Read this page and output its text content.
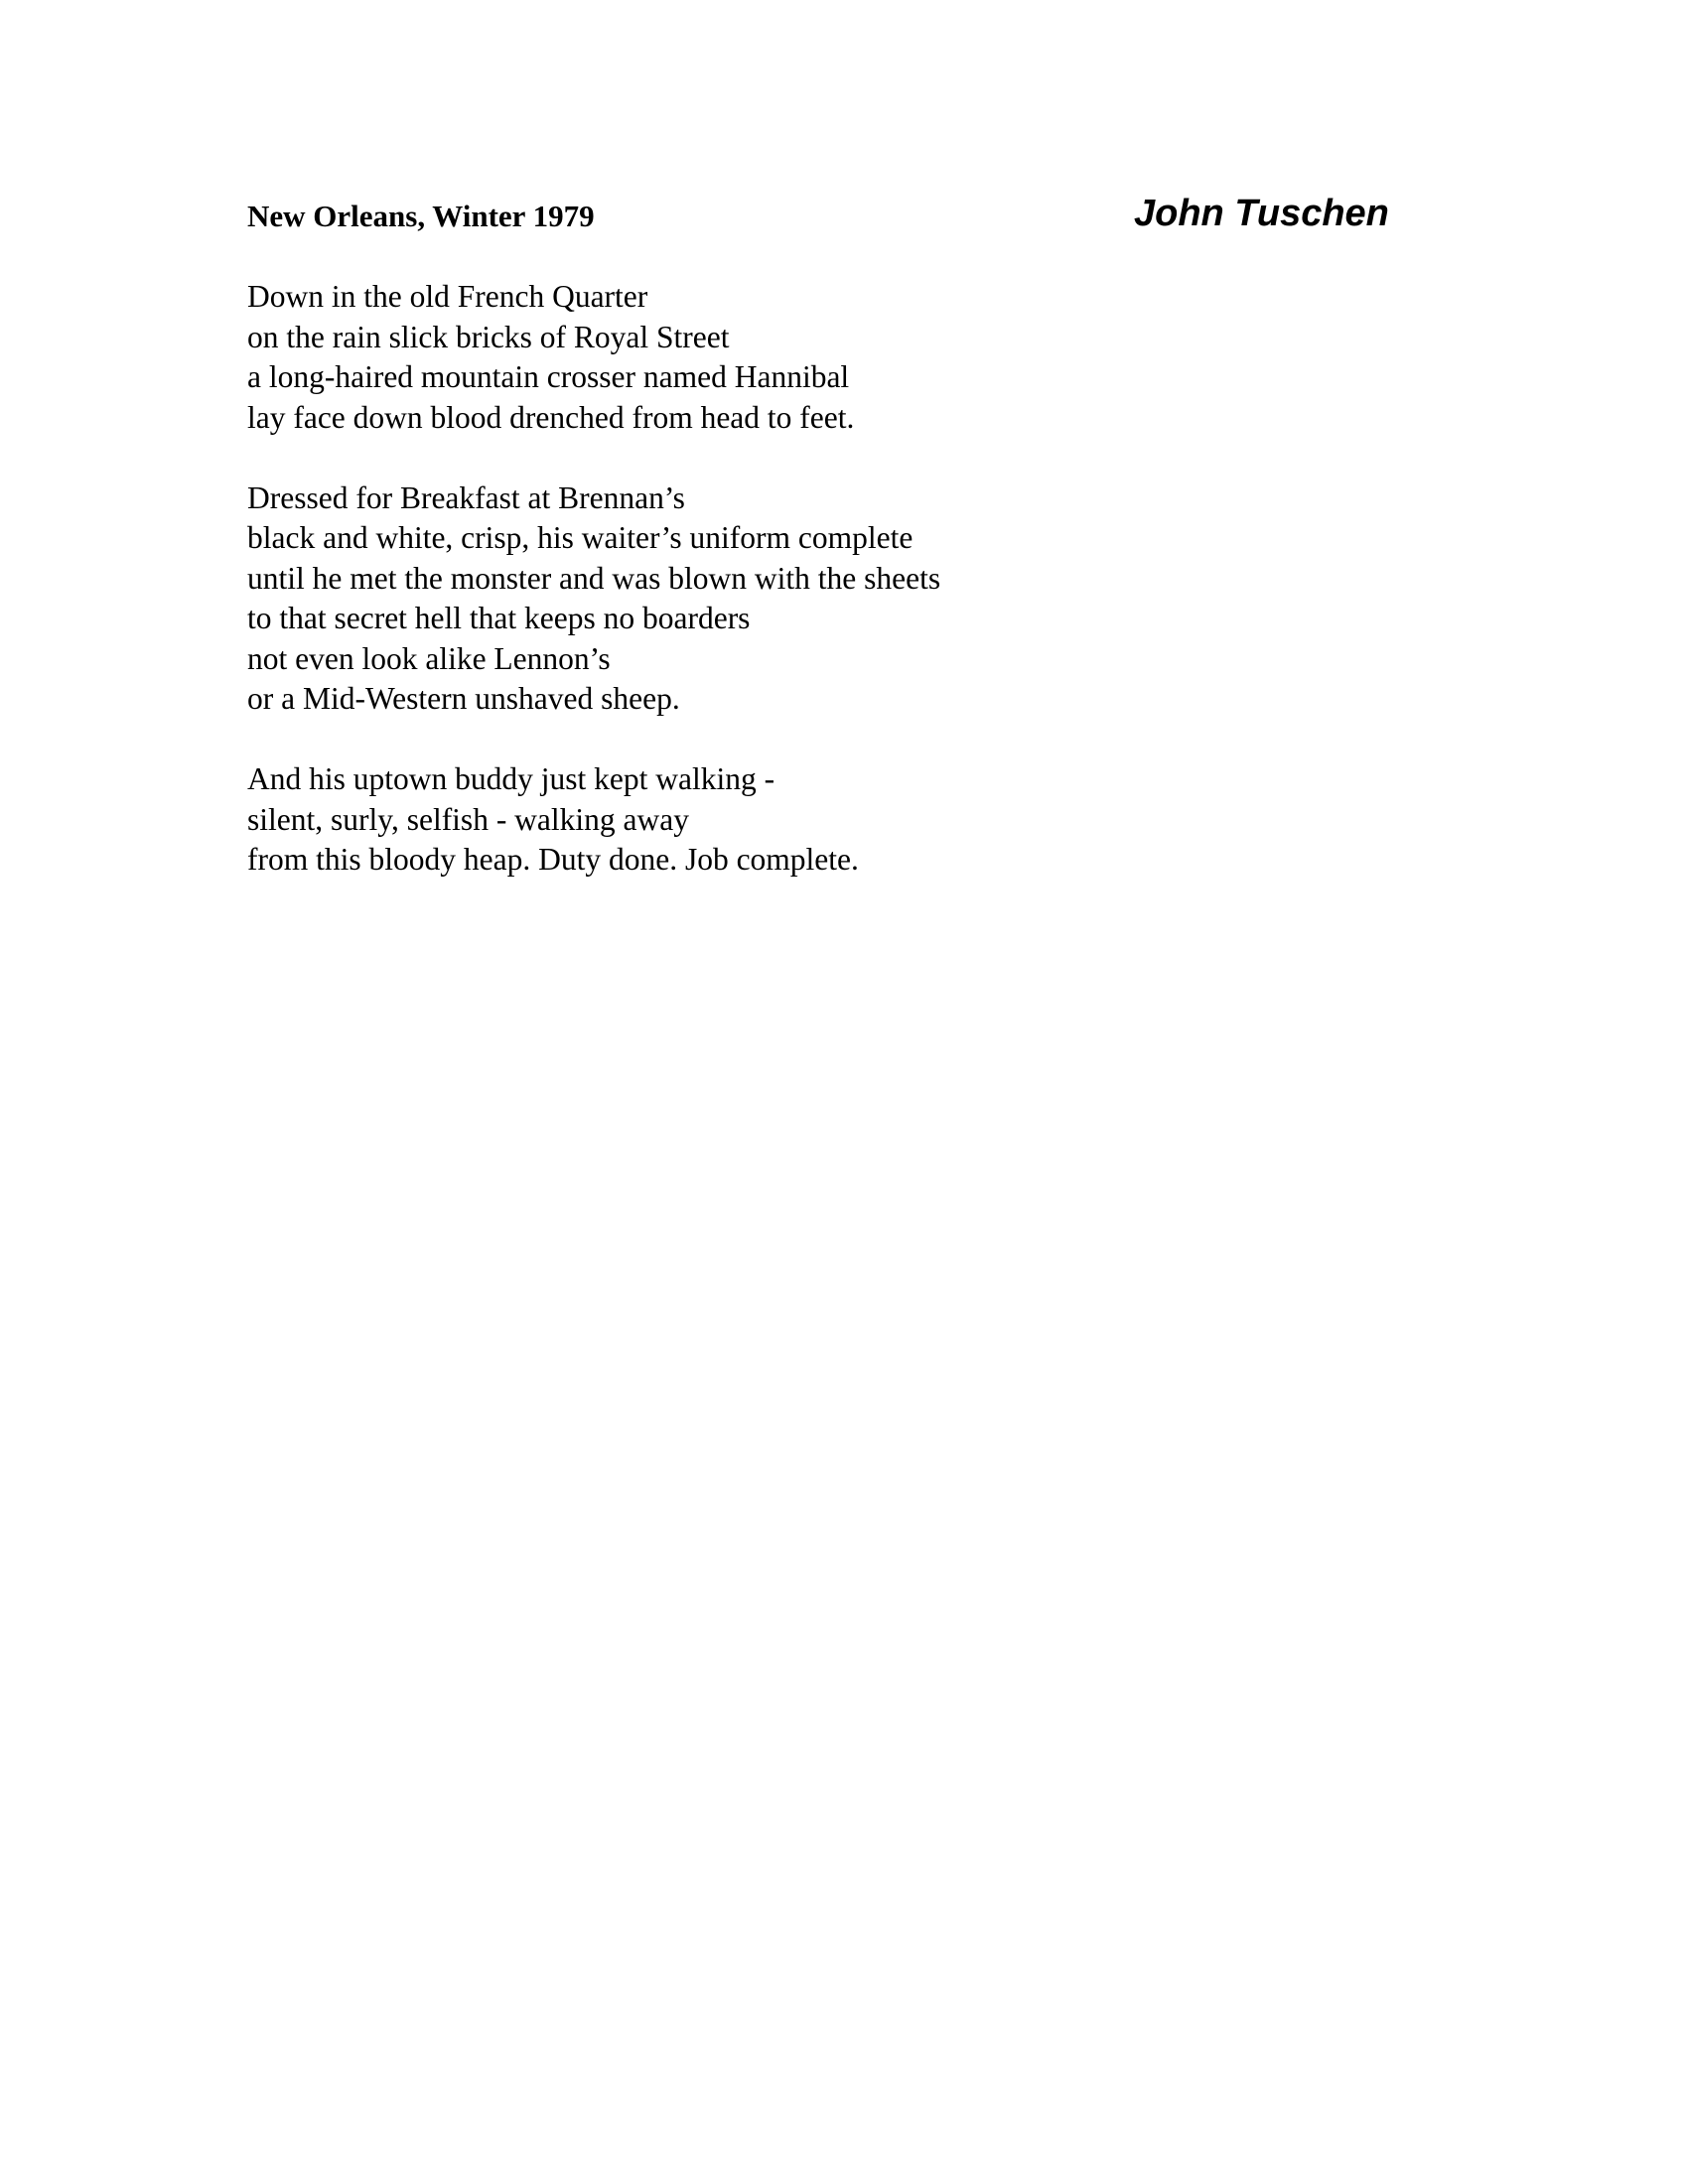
New Orleans, Winter 1979	John Tuschen
Down in the old French Quarter
on the rain slick bricks of Royal Street
a long-haired mountain crosser named Hannibal
lay face down blood drenched from head to feet.
Dressed for Breakfast at Brennan’s
black and white, crisp, his waiter’s uniform complete
until he met the monster and was blown with the sheets
to that secret hell that keeps no boarders
not even look alike Lennon’s
or a Mid-Western unshaved sheep.
And his uptown buddy just kept walking -
silent, surly, selfish - walking away
from this bloody heap. Duty done. Job complete.
